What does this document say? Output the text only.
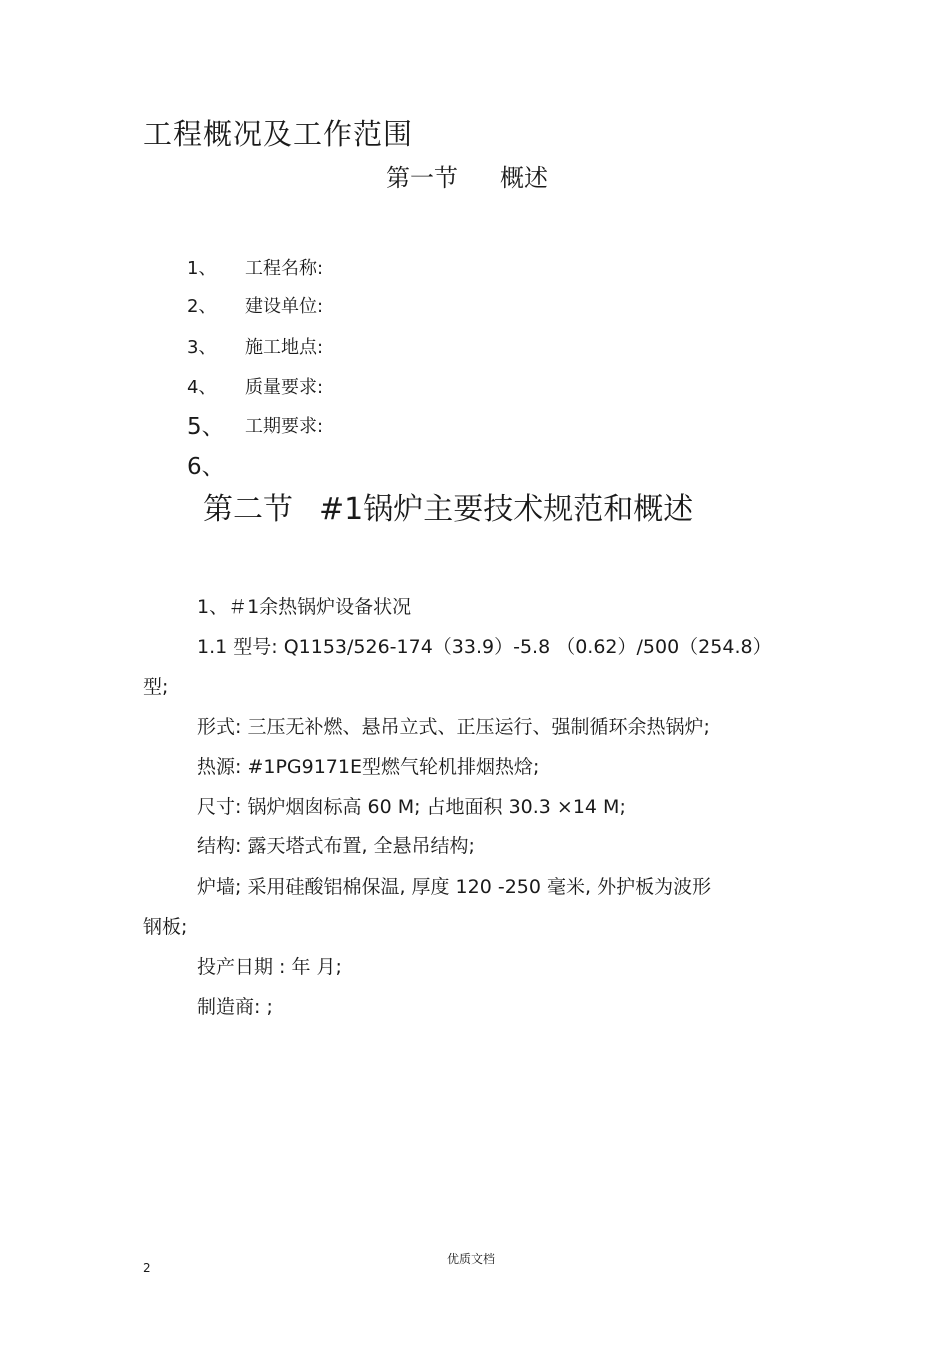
工程概况及工作范围
第一节 概述
1、 工程名称:
2、 建设单位:
3、 施工地点:
4、 质量要求:
5、 工期要求:
6、
第二节 #1锅炉主要技术规范和概述
1、＃1余热锅炉设备状况
1.1 型号: Q1153/526-174（33.9）-5.8 （0.62）/500（254.8）
型;
形式: 三压无补燃、悬吊立式、正压运行、强制循环余热锅炉;
热源: #1PG9171E型燃气轮机排烟热焓;
尺寸: 锅炉烟囱标高 60 M; 占地面积 30.3 ×14 M;
结构: 露天塔式布置, 全悬吊结构;
炉墙; 采用硅酸铝棉保温, 厚度 120 -250 毫米, 外护板为波形
钢板;
投产日期 : 年 月;
制造商: ;
优质文档
2
